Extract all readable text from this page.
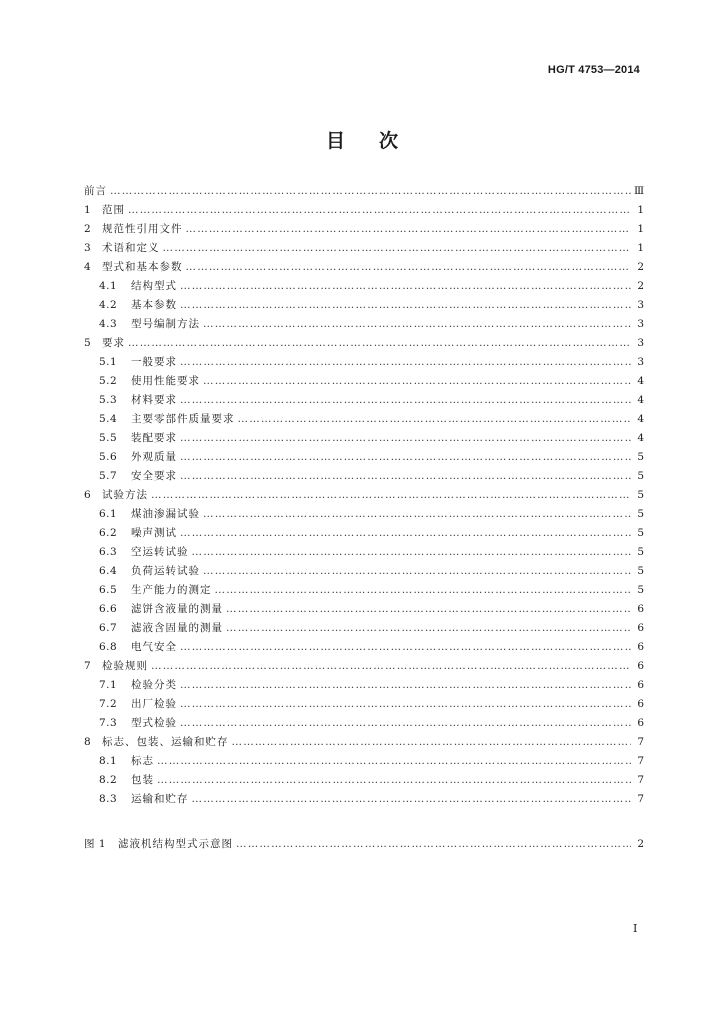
HG/T 4753—2014
目 次
前言 …………………………………………………………………………………………………………………………………………………………………………………………………………	Ⅲ
1	范围 …………………………………………………………………………………………………………………………………………………………………………………………………………	1
2	规范性引用文件 …………………………………………………………………………………………………………………………………………………………………………………………………………	1
3	术语和定义 …………………………………………………………………………………………………………………………………………………………………………………………………………	1
4	型式和基本参数 …………………………………………………………………………………………………………………………………………………………………………………………………………	2
4.1	结构型式 …………………………………………………………………………………………………………………………………………………………………………………………………………	2
4.2	基本参数 …………………………………………………………………………………………………………………………………………………………………………………………………………	3
4.3	型号编制方法 …………………………………………………………………………………………………………………………………………………………………………………………………………	3
5	要求 …………………………………………………………………………………………………………………………………………………………………………………………………………	3
5.1	一般要求 …………………………………………………………………………………………………………………………………………………………………………………………………………	3
5.2	使用性能要求 …………………………………………………………………………………………………………………………………………………………………………………………………………	4
5.3	材料要求 …………………………………………………………………………………………………………………………………………………………………………………………………………	4
5.4	主要零部件质量要求 …………………………………………………………………………………………………………………………………………………………………………………………………………	4
5.5	装配要求 …………………………………………………………………………………………………………………………………………………………………………………………………………	4
5.6	外观质量 …………………………………………………………………………………………………………………………………………………………………………………………………………	5
5.7	安全要求 …………………………………………………………………………………………………………………………………………………………………………………………………………	5
6	试验方法 …………………………………………………………………………………………………………………………………………………………………………………………………………	5
6.1	煤油渗漏试验 …………………………………………………………………………………………………………………………………………………………………………………………………………	5
6.2	噪声测试 …………………………………………………………………………………………………………………………………………………………………………………………………………	5
6.3	空运转试验 …………………………………………………………………………………………………………………………………………………………………………………………………………	5
6.4	负荷运转试验 …………………………………………………………………………………………………………………………………………………………………………………………………………	5
6.5	生产能力的测定 …………………………………………………………………………………………………………………………………………………………………………………………………………	5
6.6	滤饼含液量的测量 …………………………………………………………………………………………………………………………………………………………………………………………………………	6
6.7	滤液含固量的测量 …………………………………………………………………………………………………………………………………………………………………………………………………………	6
6.8	电气安全 …………………………………………………………………………………………………………………………………………………………………………………………………………	6
7	检验规则 …………………………………………………………………………………………………………………………………………………………………………………………………………	6
7.1	检验分类 …………………………………………………………………………………………………………………………………………………………………………………………………………	6
7.2	出厂检验 …………………………………………………………………………………………………………………………………………………………………………………………………………	6
7.3	型式检验 …………………………………………………………………………………………………………………………………………………………………………………………………………	6
8	标志、包装、运输和贮存 …………………………………………………………………………………………………………………………………………………………………………………………………………	7
8.1	标志 …………………………………………………………………………………………………………………………………………………………………………………………………………	7
8.2	包装 …………………………………………………………………………………………………………………………………………………………………………………………………………	7
8.3	运输和贮存 …………………………………………………………………………………………………………………………………………………………………………………………………………	7
图 1	滤液机结构型式示意图 …………………………………………………………………………………………………………………………………………………………………………………………………………	2
Ⅰ
